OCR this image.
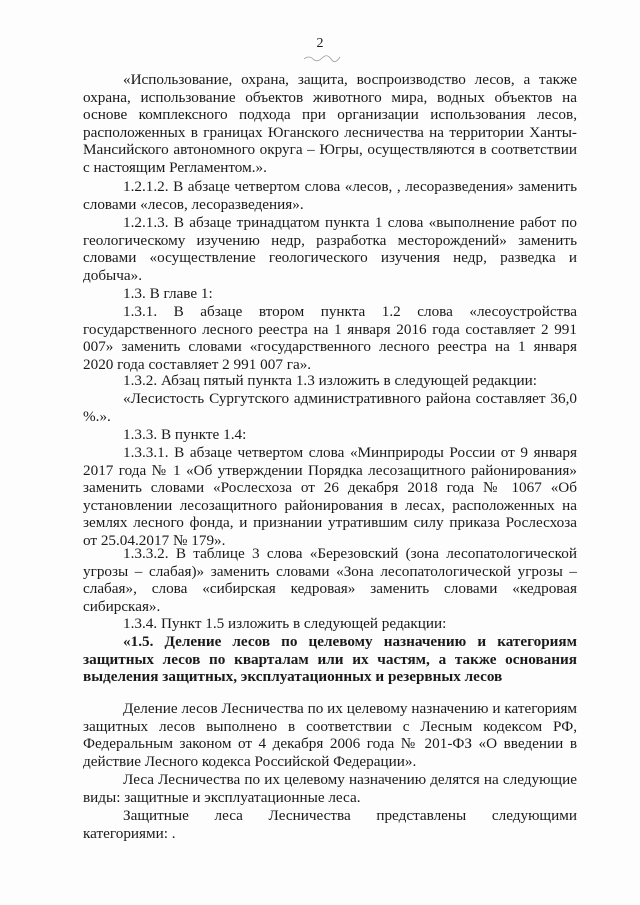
2

«Использование, охрана, защита, воспроизводство лесов, а также охрана, использование объектов животного мира, водных объектов на основе комплексного подхода при организации использования лесов, расположенных в границах Юганского лесничества на территории Ханты-Мансийского автономного округа – Югры, осуществляются в соответствии с настоящим Регламентом.».

1.2.1.2. В абзаце четвертом слова «лесов, , лесоразведения» заменить словами «лесов, лесоразведения».

1.2.1.3. В абзаце тринадцатом пункта 1 слова «выполнение работ по геологическому изучению недр, разработка месторождений» заменить словами «осуществление геологического изучения недр, разведка и добыча».

1.3. В главе 1:

1.3.1. В абзаце втором пункта 1.2 слова «лесоустройства государственного лесного реестра на 1 января 2016 года составляет 2 991 007» заменить словами «государственного лесного реестра на 1 января 2020 года составляет 2 991 007 га».

1.3.2. Абзац пятый пункта 1.3 изложить в следующей редакции:

«Лесистость Сургутского административного района составляет 36,0 %.».

1.3.3. В пункте 1.4:

1.3.3.1. В абзаце четвертом слова «Минприроды России от 9 января 2017 года № 1 «Об утверждении Порядка лесозащитного районирования» заменить словами «Рослесхоза от 26 декабря 2018 года № 1067 «Об установлении лесозащитного районирования в лесах, расположенных на землях лесного фонда, и признании утратившим силу приказа Рослесхоза от 25.04.2017 № 179».

1.3.3.2. В таблице 3 слова «Березовский (зона лесопатологической угрозы – слабая)» заменить словами «Зона лесопатологической угрозы – слабая», слова «сибирская кедровая» заменить словами «кедровая сибирская».

1.3.4. Пункт 1.5 изложить в следующей редакции:

«1.5. Деление лесов по целевому назначению и категориям защитных лесов по кварталам или их частям, а также основания выделения защитных, эксплуатационных и резервных лесов

Деление лесов Лесничества по их целевому назначению и категориям защитных лесов выполнено в соответствии с Лесным кодексом РФ, Федеральным законом от 4 декабря 2006 года № 201-ФЗ «О введении в действие Лесного кодекса Российской Федерации».

Леса Лесничества по их целевому назначению делятся на следующие виды: защитные и эксплуатационные леса.

Защитные леса Лесничества представлены следующими категориями: .
